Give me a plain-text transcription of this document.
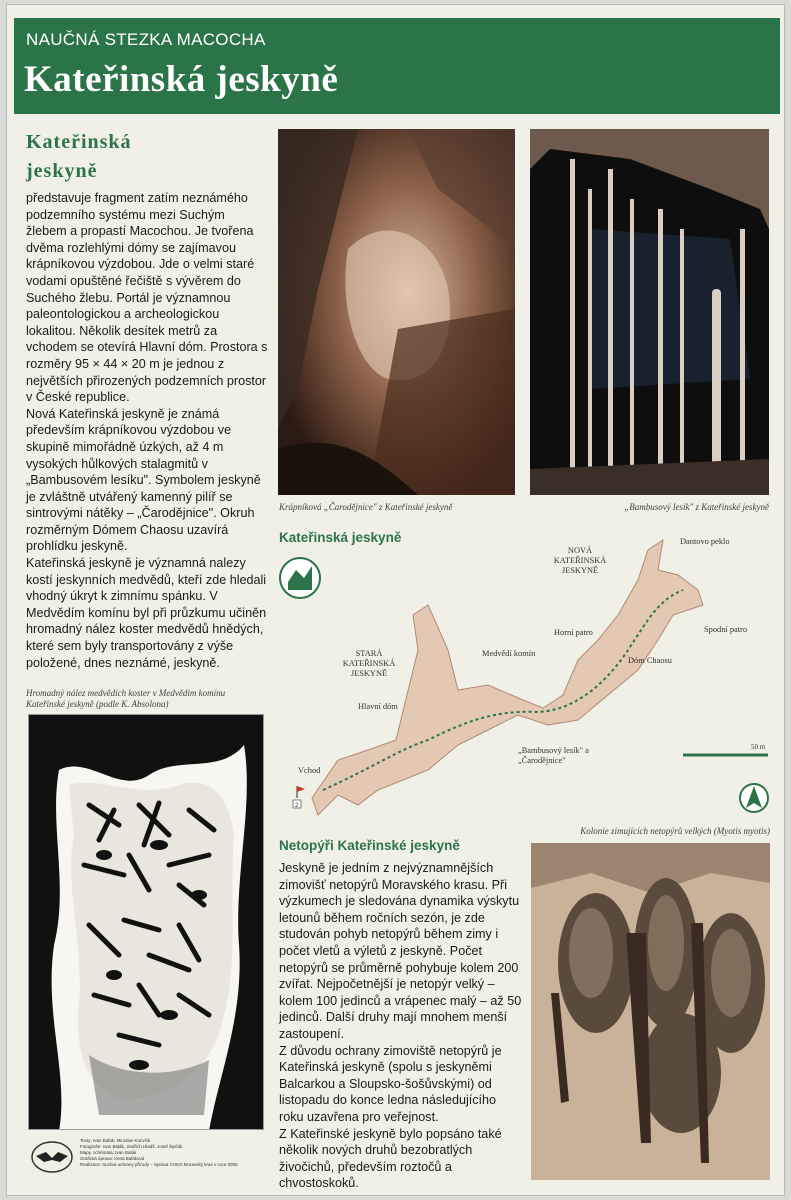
NAUČNÁ STEZKA MACOCHA
Kateřinská jeskyně
Kateřinská
jeskyně

představuje fragment zatím neznámého podzemního systému mezi Suchým žlebem a propastí Macochou. Je tvořena dvěma rozlehlými dómy se zajímavou krápníkovou výzdobou. Jde o velmi staré vodami opuštěné řečiště s vývěrem do Suchého žlebu. Portál je významnou paleontologickou a archeologickou lokalitou. Několik desítek metrů za vchodem se otevírá Hlavní dóm. Prostora s rozměry 95 × 44 × 20 m je jednou z největších přirozených podzemních prostor v České republice.

Nová Kateřinská jeskyně je známá především krápníkovou výzdobou ve skupině mimořádně úzkých, až 4 m vysokých hůlkových stalagmitů v „Bambusovém lesíku". Symbolem jeskyně je zvláštně utvářený kamenný pilíř se sintrovými nátěky – „Čarodějnice". Okruh rozměrným Dómem Chaosu uzavírá prohlídku jeskyně.

Kateřinská jeskyně je významná nalezy kostí jeskynních medvědů, kteří zde hledali vhodný úkryt k zimnímu spánku. V Medvědím komínu byl při průzkumu učiněn hromadný nález koster medvědů hnědých, které sem byly transportovány z výše položené, dnes neznámé, jeskyně.

Hromadný nález medvědích koster v Medvědím komínu Kateřinské jeskyně (podle K. Absolona)
Texty: Ivan Balák, Miroslav Konvičk
Fotografie: Ivan Balák, Jindřich Hlaďil, Josef Špičák
Mapy, schémata: Ivan Balák
Grafická úprava: Irena Baláková
Realizace: Správa ochrany přírody – Správa CHKO Moravský kras v roce 2005
Krápníková „Čarodějnice" z Kateřinské jeskyně	„Bambusový lesík" z Kateřinské jeskyně
Kateřinská jeskyně
NOVÁ KATEŘINSKÁ JESKYNĚ
Dantovo peklo
Spodní patro
Horní patro
Dóm Chaosu
Medvědí komín
STARÁ KATEŘINSKÁ JESKYNĚ
Hlavní dóm
„Bambusový lesík" a „Čarodějnice"
Vchod
2
50 m
Kolonie zimujících netopýrů velkých (Myotis myotis)
Netopýři Kateřinské jeskyně

Jeskyně je jedním z nejvýznamnějších zimovišť netopýrů Moravského krasu. Při výzkumech je sledována dynamika výskytu letounů během ročních sezón, je zde studován pohyb netopýrů během zimy i počet vletů a výletů z jeskyně. Počet netopýrů se průměrně pohybuje kolem 200 zvířat. Nejpočetnější je netopýr velký – kolem 100 jedinců a vrápenec malý – až 50 jedinců. Další druhy mají mnohem menší zastoupení.

Z důvodu ochrany zimoviště netopýrů je Kateřinská jeskyně (spolu s jeskyněmi Balcarkou a Sloupsko-šošůvskými) od listopadu do konce ledna následujícího roku uzavřena pro veřejnost.

Z Kateřinské jeskyně bylo popsáno také několik nových druhů bezobratlých živočichů, především roztočů a chvostoskoků.
